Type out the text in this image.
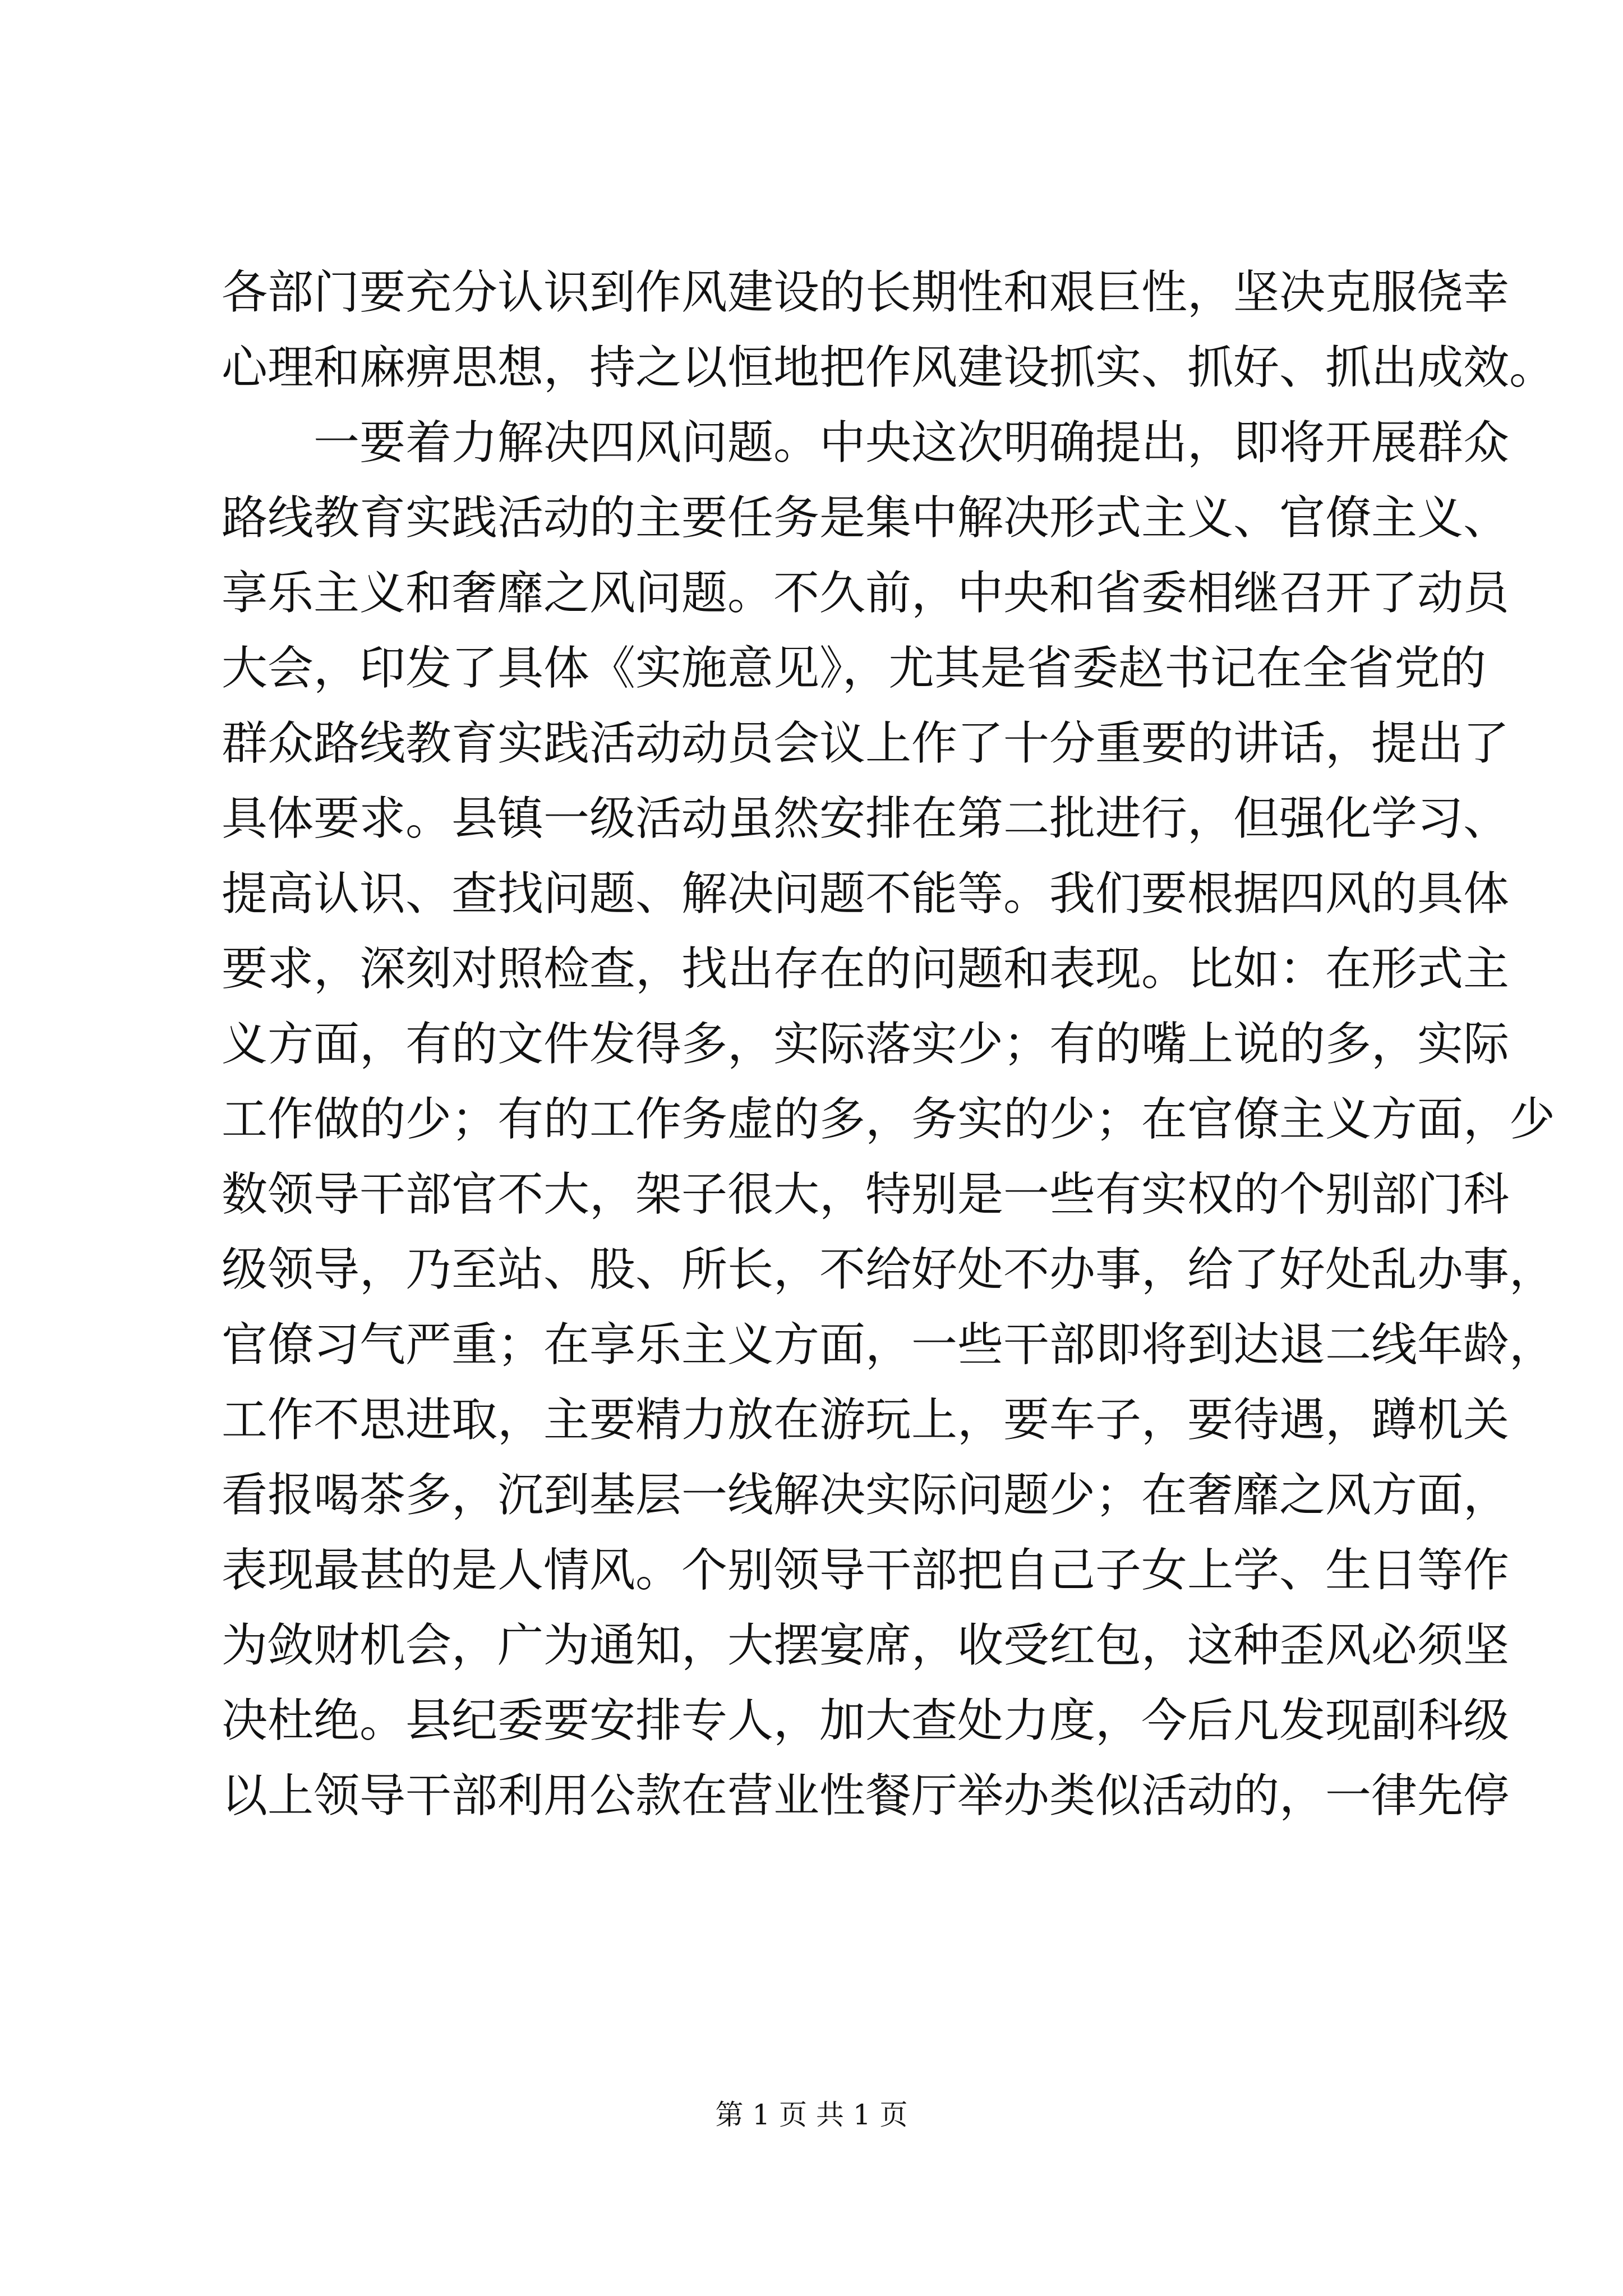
各部门要充分认识到作风建设的长期性和艰巨性，坚决克服侥幸
心理和麻痹思想，持之以恒地把作风建设抓实、抓好、抓出成效。
　　一要着力解决四风问题。中央这次明确提出，即将开展群众
路线教育实践活动的主要任务是集中解决形式主义、官僚主义、
享乐主义和奢靡之风问题。不久前，中央和省委相继召开了动员
大会，印发了具体《实施意见》，尤其是省委赵书记在全省党的
群众路线教育实践活动动员会议上作了十分重要的讲话，提出了
具体要求。县镇一级活动虽然安排在第二批进行，但强化学习、
提高认识、查找问题、解决问题不能等。我们要根据四风的具体
要求，深刻对照检查，找出存在的问题和表现。比如：在形式主
义方面，有的文件发得多，实际落实少；有的嘴上说的多，实际
工作做的少；有的工作务虚的多，务实的少；在官僚主义方面，少
数领导干部官不大，架子很大，特别是一些有实权的个别部门科
级领导，乃至站、股、所长，不给好处不办事，给了好处乱办事，
官僚习气严重；在享乐主义方面，一些干部即将到达退二线年龄，
工作不思进取，主要精力放在游玩上，要车子，要待遇，蹲机关
看报喝茶多，沉到基层一线解决实际问题少；在奢靡之风方面，
表现最甚的是人情风。个别领导干部把自己子女上学、生日等作
为敛财机会，广为通知，大摆宴席，收受红包，这种歪风必须坚
决杜绝。县纪委要安排专人，加大查处力度，今后凡发现副科级
以上领导干部利用公款在营业性餐厅举办类似活动的，一律先停
第 1 页 共 1 页
